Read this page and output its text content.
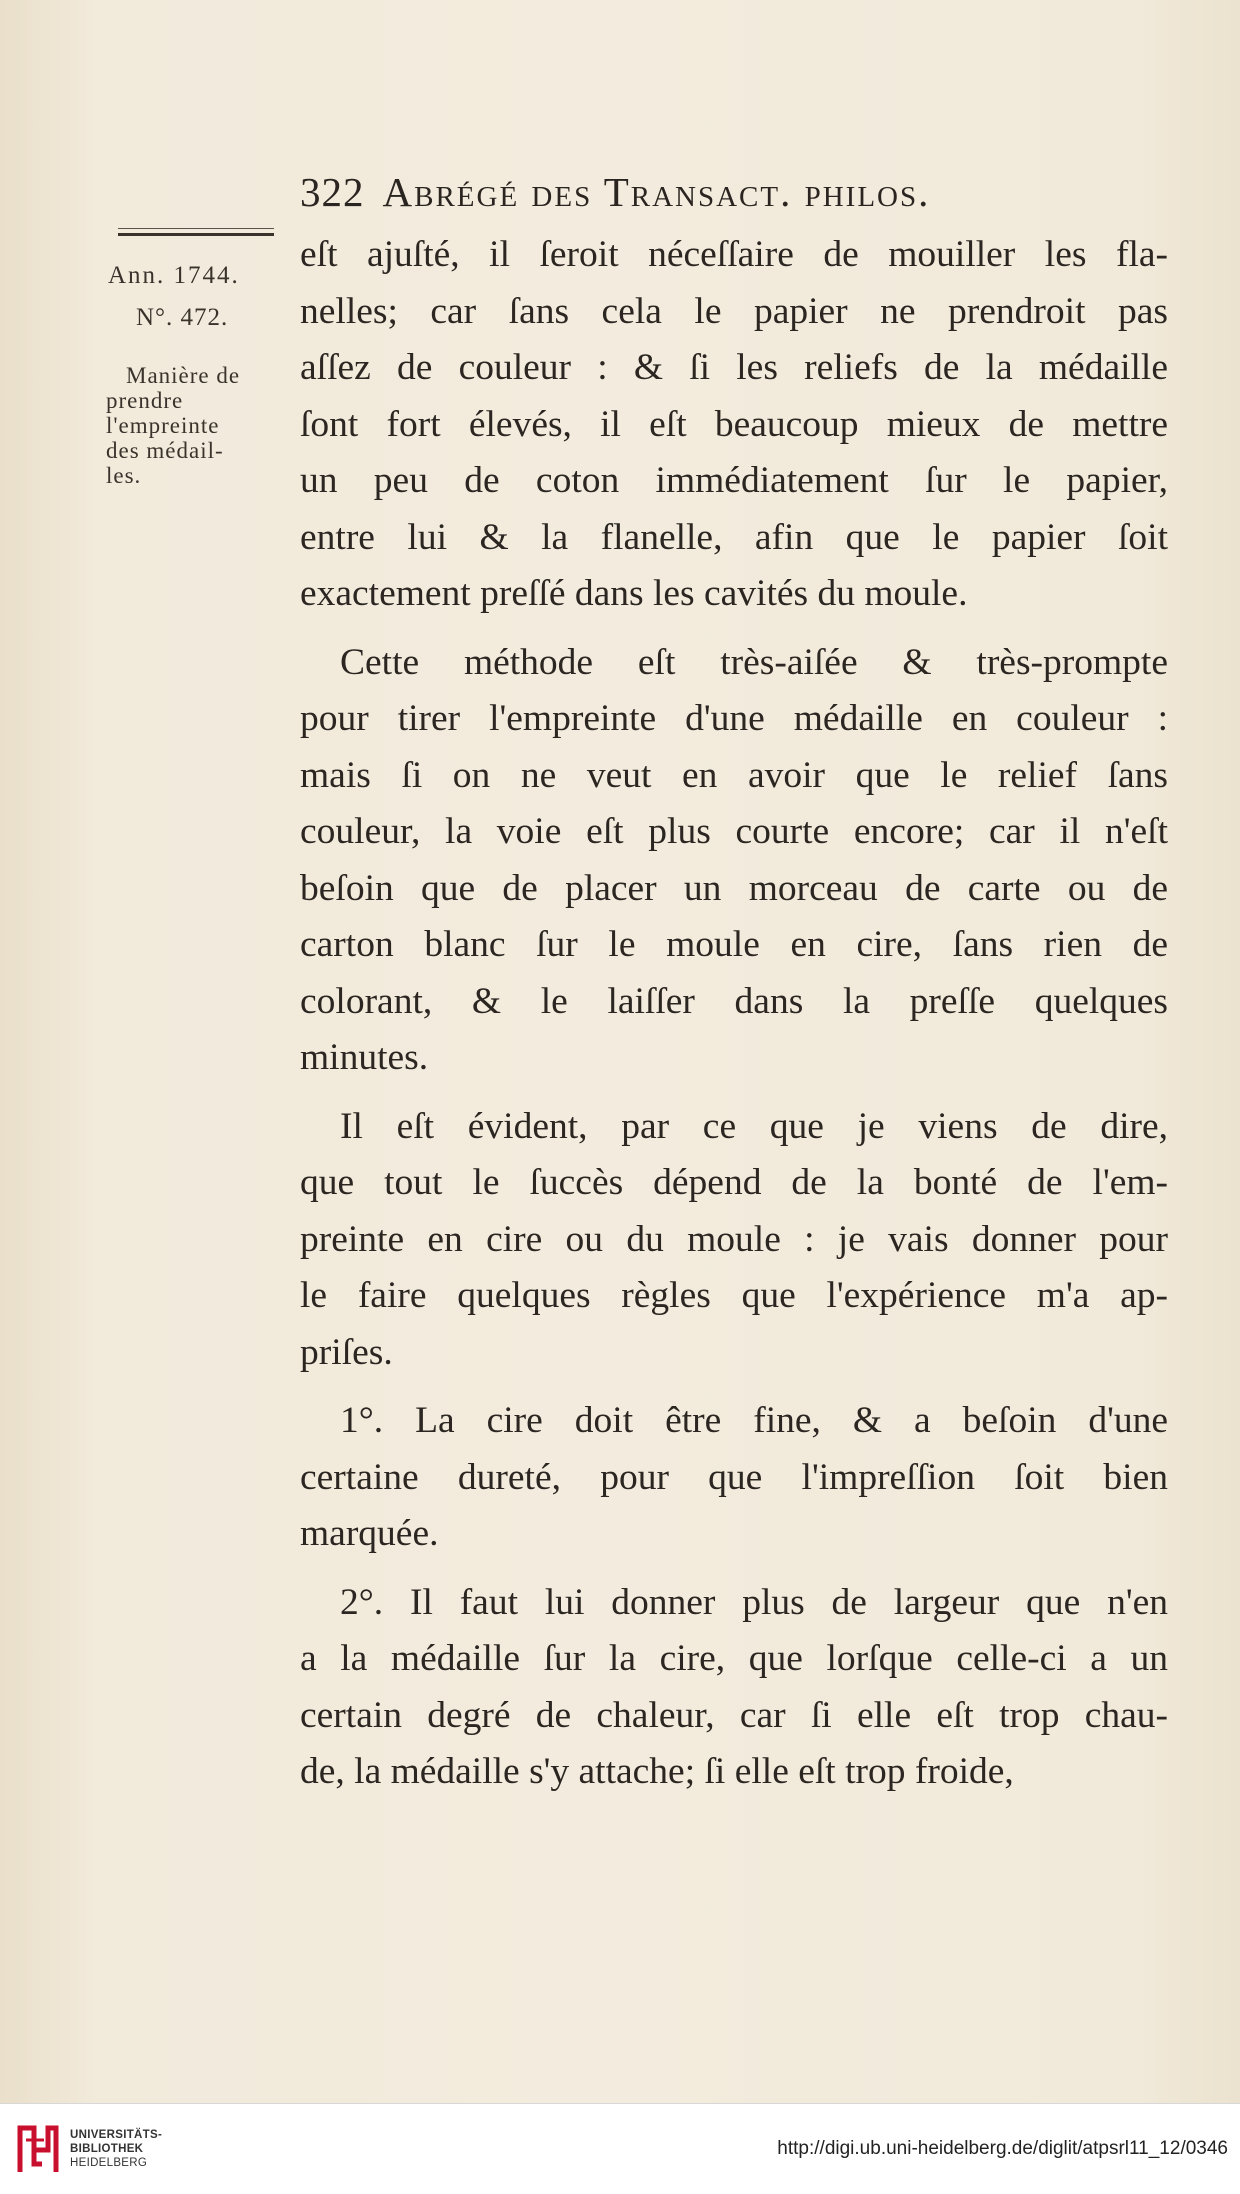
322 Abrégé des Transact. philos.
Ann. 1744.
N°. 472.
Manière de
prendre
l'empreinte
des médail-
les.
eſt ajuſté, il ſeroit néceſſaire de mouiller les fla-
nelles; car ſans cela le papier ne prendroit pas
aſſez de couleur : & ſi les reliefs de la médaille
ſont fort élevés, il eſt beaucoup mieux de mettre
un peu de coton immédiatement ſur le papier,
entre lui & la flanelle, afin que le papier ſoit
exactement preſſé dans les cavités du moule.
Cette méthode eſt très-aiſée & très-prompte
pour tirer l'empreinte d'une médaille en couleur :
mais ſi on ne veut en avoir que le relief ſans
couleur, la voie eſt plus courte encore; car il n'eſt
beſoin que de placer un morceau de carte ou de
carton blanc ſur le moule en cire, ſans rien de
colorant, & le laiſſer dans la preſſe quelques
minutes.
Il eſt évident, par ce que je viens de dire,
que tout le ſuccès dépend de la bonté de l'em-
preinte en cire ou du moule : je vais donner pour
le faire quelques règles que l'expérience m'a ap-
priſes.
1°. La cire doit être fine, & a beſoin d'une
certaine dureté, pour que l'impreſſion ſoit bien
marquée.
2°. Il faut lui donner plus de largeur que n'en
a la médaille ſur la cire, que lorſque celle-ci a un
certain degré de chaleur, car ſi elle eſt trop chau-
de, la médaille s'y attache; ſi elle eſt trop froide,
UNIVERSITÄTS-
BIBLIOTHEK
HEIDELBERG
http://digi.ub.uni-heidelberg.de/diglit/atpsrl11_12/0346
